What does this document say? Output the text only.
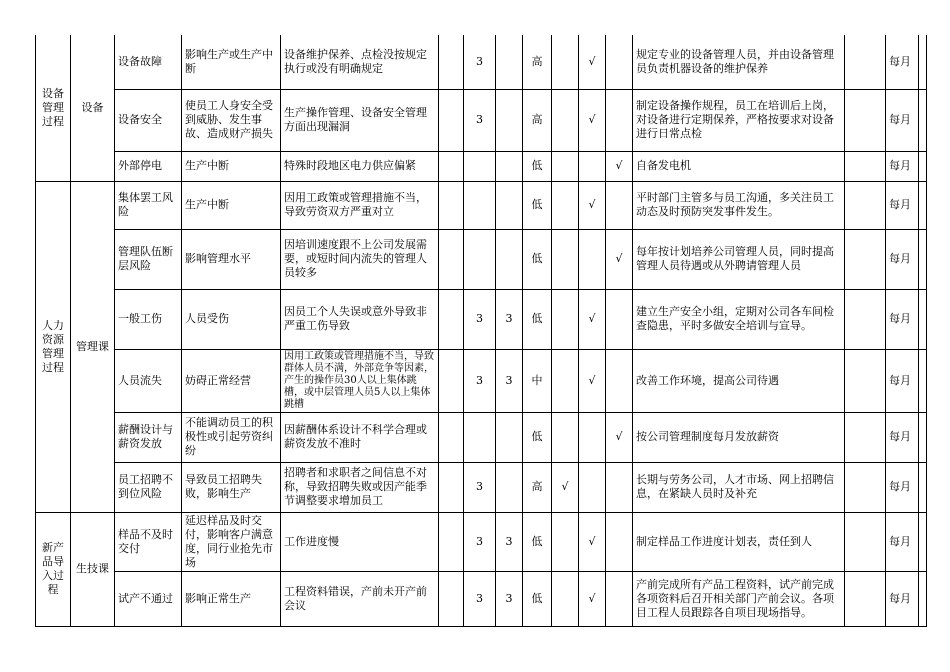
设备管理过程	设备	设备故障	影响生产或生产中断	设备维护保养、点检没按规定执行或没有明确规定		3		高		√		规定专业的设备管理人员，并由设备管理员负责机器设备的维护保养		每月	
		设备安全	使员工人身安全受到威胁、发生事故、造成财产损失	生产操作管理、设备安全管理方面出现漏洞		3		高		√		制定设备操作规程，员工在培训后上岗，对设备进行定期保养，严格按要求对设备进行日常点检		每月	
		外部停电	生产中断	特殊时段地区电力供应偏紧				低			√	自备发电机		每月	
人力资源管理过程	管理课	集体罢工风险	生产中断	因用工政策或管理措施不当，导致劳资双方严重对立				低		√		平时部门主管多与员工沟通，多关注员工动态及时预防突发事件发生。		每月	
		管理队伍断层风险	影响管理水平	因培训速度跟不上公司发展需要，或短时间内流失的管理人员较多				低			√	每年按计划培养公司管理人员，同时提高管理人员待遇或从外聘请管理人员		每月	
		一般工伤	人员受伤	因员工个人失误或意外导致非严重工伤导致		3	3	低		√		建立生产安全小组，定期对公司各车间检查隐患，平时多做安全培训与宣导。		每月	
		人员流失	妨碍正常经营	因用工政策或管理措施不当，导致群体人员不满，外部竞争等因素，产生的操作员30人以上集体跳槽，或中层管理人员5人以上集体跳槽		3	3	中		√		改善工作环境，提高公司待遇		每月	
		薪酬设计与薪资发放	不能调动员工的积极性或引起劳资纠纷	因薪酬体系设计不科学合理或薪资发放不准时				低			√	按公司管理制度每月发放薪资		每月	
		员工招聘不到位风险	导致员工招聘失败，影响生产	招聘者和求职者之间信息不对称，导致招聘失败或因产能季节调整要求增加员工		3		高	√			长期与劳务公司，人才市场、网上招聘信息，在紧缺人员时及补充		每月	
新产品导入过程	生技课	样品不及时交付	延迟样品及时交付，影响客户满意度，同行业抢先市场	工作进度慢		3	3	低		√		制定样品工作进度计划表，责任到人		每月	
		试产不通过	影响正常生产	工程资料错误，产前未开产前会议		3	3	低		√		产前完成所有产品工程资料，试产前完成各项资料后召开相关部门产前会议。各项目工程人员跟踪各自项目现场指导。		每月	
